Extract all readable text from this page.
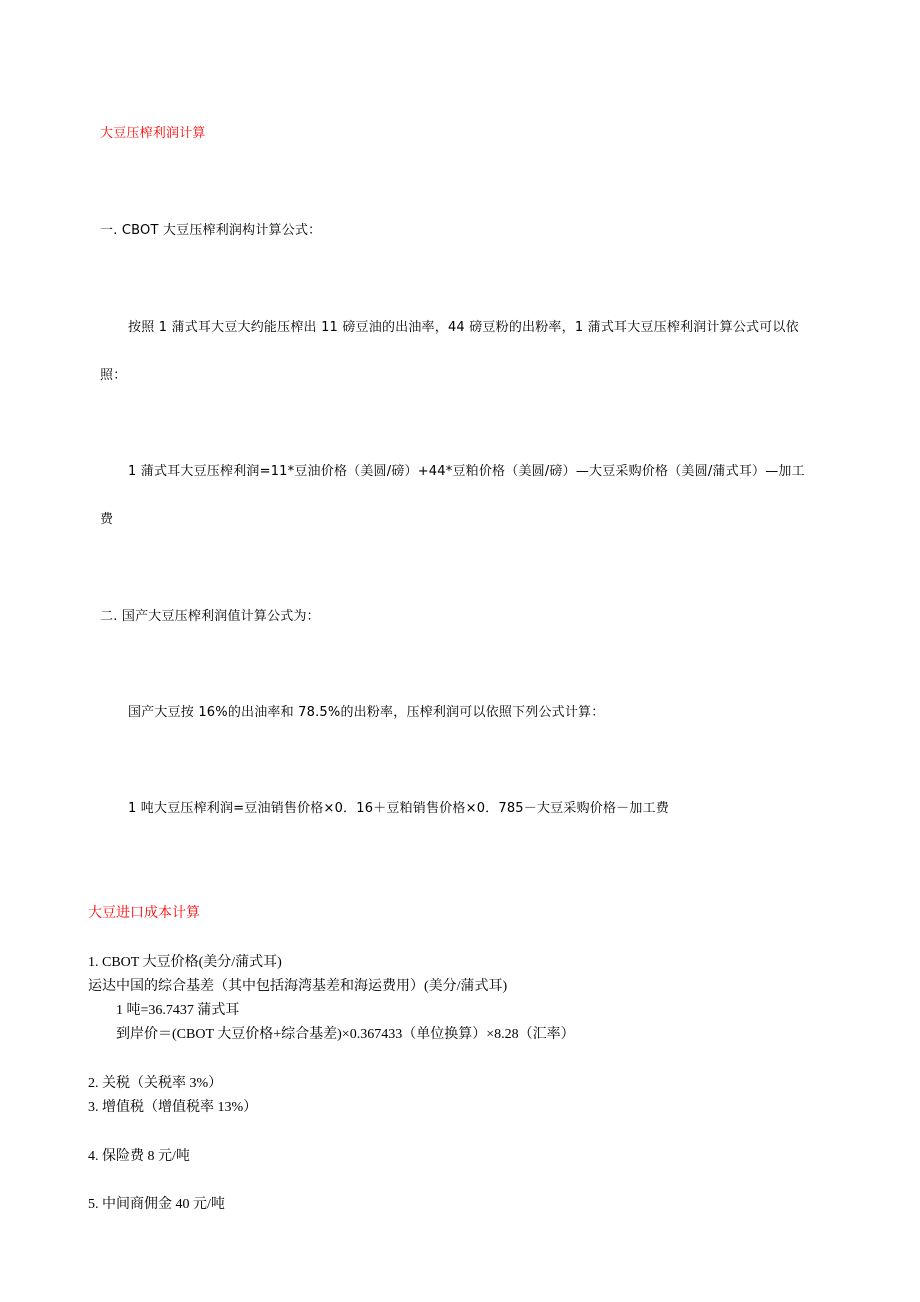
大豆压榨利润计算
一. CBOT 大豆压榨利润构计算公式：
按照 1 蒲式耳大豆大约能压榨出 11 磅豆油的出油率，44 磅豆粉的出粉率，1 蒲式耳大豆压榨利润计算公式可以依
照：
1 蒲式耳大豆压榨利润=11*豆油价格（美圆/磅）+44*豆粕价格（美圆/磅）—大豆采购价格（美圆/蒲式耳）—加工
费
二. 国产大豆压榨利润值计算公式为：
国产大豆按 16%的出油率和 78.5%的出粉率，压榨利润可以依照下列公式计算：
1 吨大豆压榨利润=豆油销售价格×0．16＋豆粕销售价格×0．785－大豆采购价格－加工费
大豆进口成本计算
1. CBOT 大豆价格(美分/蒲式耳)
运达中国的综合基差（其中包括海湾基差和海运费用）(美分/蒲式耳)
1 吨=36.7437 蒲式耳
到岸价＝(CBOT 大豆价格+综合基差)×0.367433（单位换算）×8.28（汇率）
2. 关税（关税率 3%）
3. 增值税（增值税率 13%）
4. 保险费 8 元/吨
5. 中间商佣金 40 元/吨
